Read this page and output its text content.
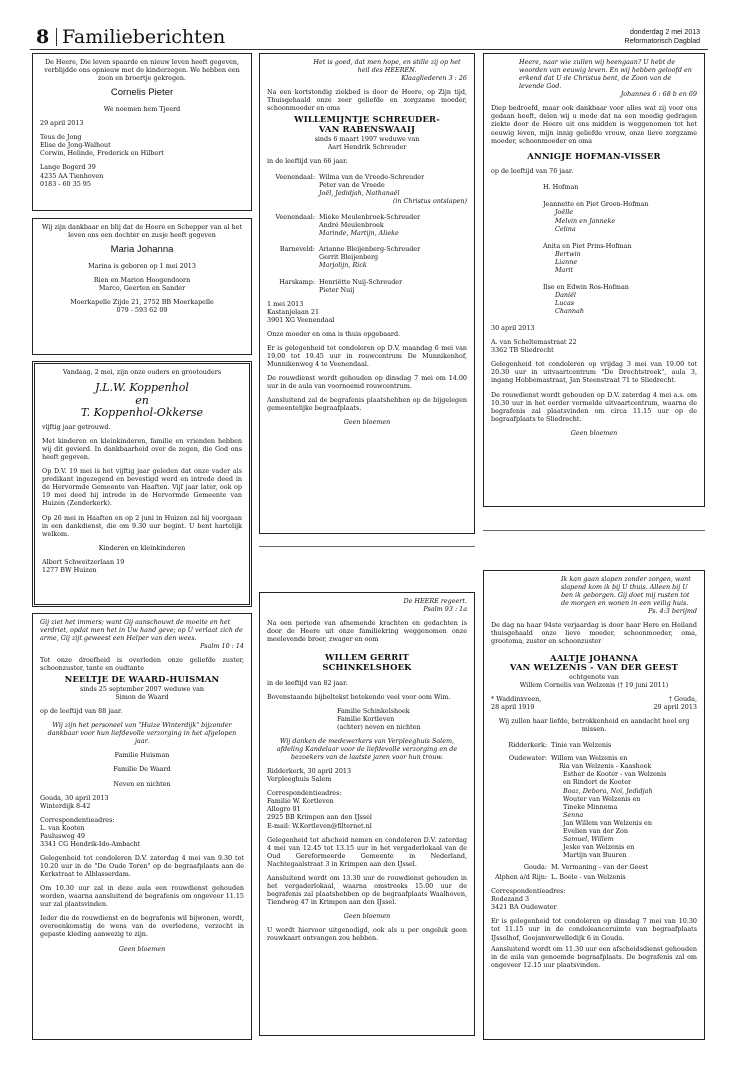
8 Familieberichten	donderdag 2 mei 2013
Reformatorisch Dagblad
De Heere, Die leven spaarde en nieuw leven heeft gegeven, verblijdde ons opnieuw met de kinderzegen. We hebben een zoon en broertje gekregen.
Cornelis Pieter
We noemen hem Tjeerd
29 april 2013
Teus de Jong
Elise de Jong-Walhout
Corwin, Helinde, Frederick en Hilbert
Lange Bogerd 39
4235 AA Tienhoven
0183 - 60 35 95
Wij zijn dankbaar en blij dat de Heere en Schepper van al het leven ons een dochter en zusje heeft gegeven
Maria Johanna
Marina is geboren op 1 mei 2013
Rien en Marion Hoogendoorn
Marco, Geerten en Sander
Moerkapelle Zijde 21, 2752 BB Moerkapelle
079 - 593 62 09
Vandaag, 2 mei, zijn onze ouders en grootouders
J.L.W. Koppenhol
en
T. Koppenhol-Okkerse
vijftig jaar getrouwd.
Met kinderen en kleinkinderen, familie en vrienden hebben wij dit gevierd. In dankbaarheid over de zegen, die God ons heeft gegeven.
Op D.V. 19 mei is het vijftig jaar geleden dat onze vader als predikant ingezegend en bevestigd werd en intrede deed in de Hervormde Gemeente van Haaften. Vijf jaar later, ook op 19 mei deed hij intrede in de Hervormde Gemeente van Huizen (Zenderkerk).
Op 26 mei in Haaften en op 2 juni in Huizen zal hij voorgaan in een dankdienst, die om 9.30 uur begint. U bent hartelijk welkom.
Kinderen en kleinkinderen
Albert Schweitzerlaan 19
1277 BW Huizen
Gij ziet het immers; want Gij aanschouwt de moeite en het verdriet, opdat men het in Uw hand geve; op U verlaat zich de arme, Gij zijt geweest een Helper van den wees.
Psalm 10 : 14
Tot onze droefheid is overleden onze geliefde zuster, schoonzuster, tante en oudtante
NEELTJE DE WAARD-HUISMAN
sinds 25 september 2007 weduwe van
Simon de Waard
op de leeftijd van 88 jaar.
Wij zijn het personeel van "Huize Winterdijk" bijzonder dankbaar voor hun liefdevolle verzorging in het afgelopen jaar.
Familie Huisman
Familie De Waard
Neven en nichten
Gouda, 30 april 2013
Winterdijk 8-42
Correspondentieadres:
L. van Kooten
Paulusweg 49
3341 CG Hendrik-Ido-Ambacht
Gelegenheid tot condoleren D.V. zaterdag 4 mei van 9.30 tot 10.20 uur in de "De Oude Toren" op de begraafplaats aan de Kerkstraat te Alblasserdam.
Om 10.30 uur zal in deze aula een rouwdienst gehouden worden, waarna aansluitend de begrafenis om ongeveer 11.15 uur zal plaatsvinden.
Ieder die de rouwdienst en de begrafenis wil bijwonen, wordt, overeenkomstig de wens van de overledene, verzocht in gepaste kleding aanwezig te zijn.
Geen bloemen
Het is goed, dat men hope, en stille zij op het heil des HEEREN.
Klaagliederen 3 : 26
Na een kortstondig ziekbed is door de Heere, op Zijn tijd, Thuisgehaald onze zeer geliefde en zorgzame moeder, schoonmoeder en oma
WILLEMIJNTJE SCHREUDER-
VAN RABENSWAAIJ
sinds 6 maart 1997 weduwe van
Aart Hendrik Schreuder
in de leeftijd van 66 jaar.
Veenendaal: Wilma van de Vreede-Schreuder
Peter van de Vreede
Joël, Jedidjah, Nathanaël
(in Christus ontslapen)
Veenendaal: Mieke Meulenbroek-Schreuder
André Meulenbroek
Marinde, Martijn, Alieke
Barneveld: Arianne Bleijenberg-Schreuder
Gerrit Bleijenberg
Marjolijn, Rick
Harskamp: Henriëtte Nuij-Schreuder
Pieter Nuij
1 mei 2013
Kastanjelaan 21
3901 XG Veenendaal
Onze moeder en oma is thuis opgebaard.
Er is gelegenheid tot condoleren op D.V. maandag 6 mei van 19.00 tot 19.45 uur in rouwcentrum De Munnikenhof, Munnikenweg 4 te Veenendaal.
De rouwdienst wordt gehouden op dinsdag 7 mei om 14.00 uur in de aula van voornoemd rouwcentrum.
Aansluitend zal de begrafenis plaatshebben op de bijgelegen gemeentelijke begraafplaats.
Geen bloemen
De HEERE regeert.
Psalm 93 : 1a
Na een periode van afnemende krachten en gedachten is door de Heere uit onze familiekring weggenomen onze meelevende broer, zwager en oom
WILLEM GERRIT
SCHINKELSHOEK
in de leeftijd van 82 jaar.
Bovenstaande bijbeltekst betekende veel voor oom Wim.
Familie Schinkelshoek
Familie Kortleven
(achter) neven en nichten
Wij danken de medewerkers van Verpleeghuis Salem, afdeling Kandelaar voor de liefdevolle verzorging en de bezoekers van de laatste jaren voor hun trouw.
Ridderkerk, 30 april 2013
Verpleeghuis Salem
Correspondentieadres:
Familie W. Kortleven
Allegro 91
2925 BB Krimpen aan den IJssel
E-mail: W.Kortleven@filternet.nl
Gelegenheid tot afscheid nemen en condoleren D.V. zaterdag 4 mei van 12.45 tot 13.15 uur in het vergaderlokaal van de Oud Gereformeerde Gemeente in Nederland, Nachtegaalstraat 3 in Krimpen aan den IJssel.
Aansluitend wordt om 13.30 uur de rouwdienst gehouden in het vergaderlokaal, waarna omstreeks 15.00 uur de begrafenis zal plaatshebben op de begraafplaats Waalhoven, Tiendweg 47 in Krimpen aan den IJssel.
Geen bloemen
U wordt hiervoor uitgenodigd, ook als u per ongeluk geen rouwkaart ontvangen zou hebben.
Heere, naar wie zullen wij heengaan? U hebt de woorden van eeuwig leven. En wij hebben geloofd en erkend dat U de Christus bent, de Zoon van de levende God.
Johannes 6 : 68 b en 69
Diep bedroefd, maar ook dankbaar voor alles wat zij voor ons gedaan heeft, delen wij u mede dat na een moedig gedragen ziekte door de Heere uit ons midden is weggenomen tot het eeuwig leven, mijn innig geliefde vrouw, onze lieve zorgzame moeder, schoonmoeder en oma
ANNIGJE HOFMAN-VISSER
op de leeftijd van 76 jaar.
H. Hofman
Jeannette en Piet Groen-Hofman
Joëlle
Melvin en Janneke
Celina
Anita en Piet Prins-Hofman
Bertwin
Lianne
Marit
Ilse en Edwin Ros-Hofman
Daniël
Lucas
Channah
30 april 2013
A. van Scheltemastraat 22
3362 TB Sliedrecht
Gelegenheid tot condoleren op vrijdag 3 mei van 19.00 tot 20.30 uur in uitvaartcentrum "De Drechtstreek", aula 3, ingang Hobbemastraat, Jan Steenstraat 71 te Sliedrecht.
De rouwdienst wordt gehouden op D.V. zaterdag 4 mei a.s. om 10.30 uur in het eerder vermelde uitvaartcentrum, waarna de begrafenis zal plaatsvinden om circa 11.15 uur op de begraafplaats te Sliedrecht.
Geen bloemen
Ik kan gaan slapen zonder zorgen, want slapend kom ik bij U thuis. Alleen bij U ben ik geborgen. Gij doet mij rusten tot de morgen en wonen in een veilig huis.
Ps. 4:3 berijmd
De dag na haar 94ste verjaardag is door haar Here en Heiland thuisgehaald onze lieve moeder, schoonmoeder, oma, grootoma, zuster en schoonzuster
AALTJE JOHANNA
VAN WELZENIS - VAN DER GEEST
echtgenote van
Willem Cornelis van Welzenis († 19 juni 2011)
* Waddinxveen,
28 april 1919
† Gouda,
29 april 2013
Wij zullen haar liefde, betrokkenheid en aandacht heel erg missen.
Ridderkerk: Tinie van Welzenis
Oudewater: Willem van Welzenis en
Ria van Welzenis - Kaashoek
Esther de Kooter - van Welzenis
en Rindert de Kooter
Boaz, Debora, Noï, Jedidjah
Wouter van Welzenis en
Tineke Minnema
Senna
Jan Willem van Welzenis en
Evelien van der Zon
Samuel, Willem
Jeske van Welzenis en
Martijn van Buuren
Gouda: M. Vermaning - van der Geest
Alphen a/d Rijn: L. Boele - van Welzenis
Correspondentieadres:
Rodezand 3
3421 BA Oudewater
Er is gelegenheid tot condoleren op dinsdag 7 mei van 10.30 tot 11.15 uur in de condoleanceruimte van begraafplaats IJsselhof, Goejanverwelledijk 6 in Gouda.
Aansluitend wordt om 11.30 uur een afscheidsdienst gehouden in de aula van genoemde begraafplaats. De begrafenis zal om ongeveer 12.15 uur plaatsvinden.
